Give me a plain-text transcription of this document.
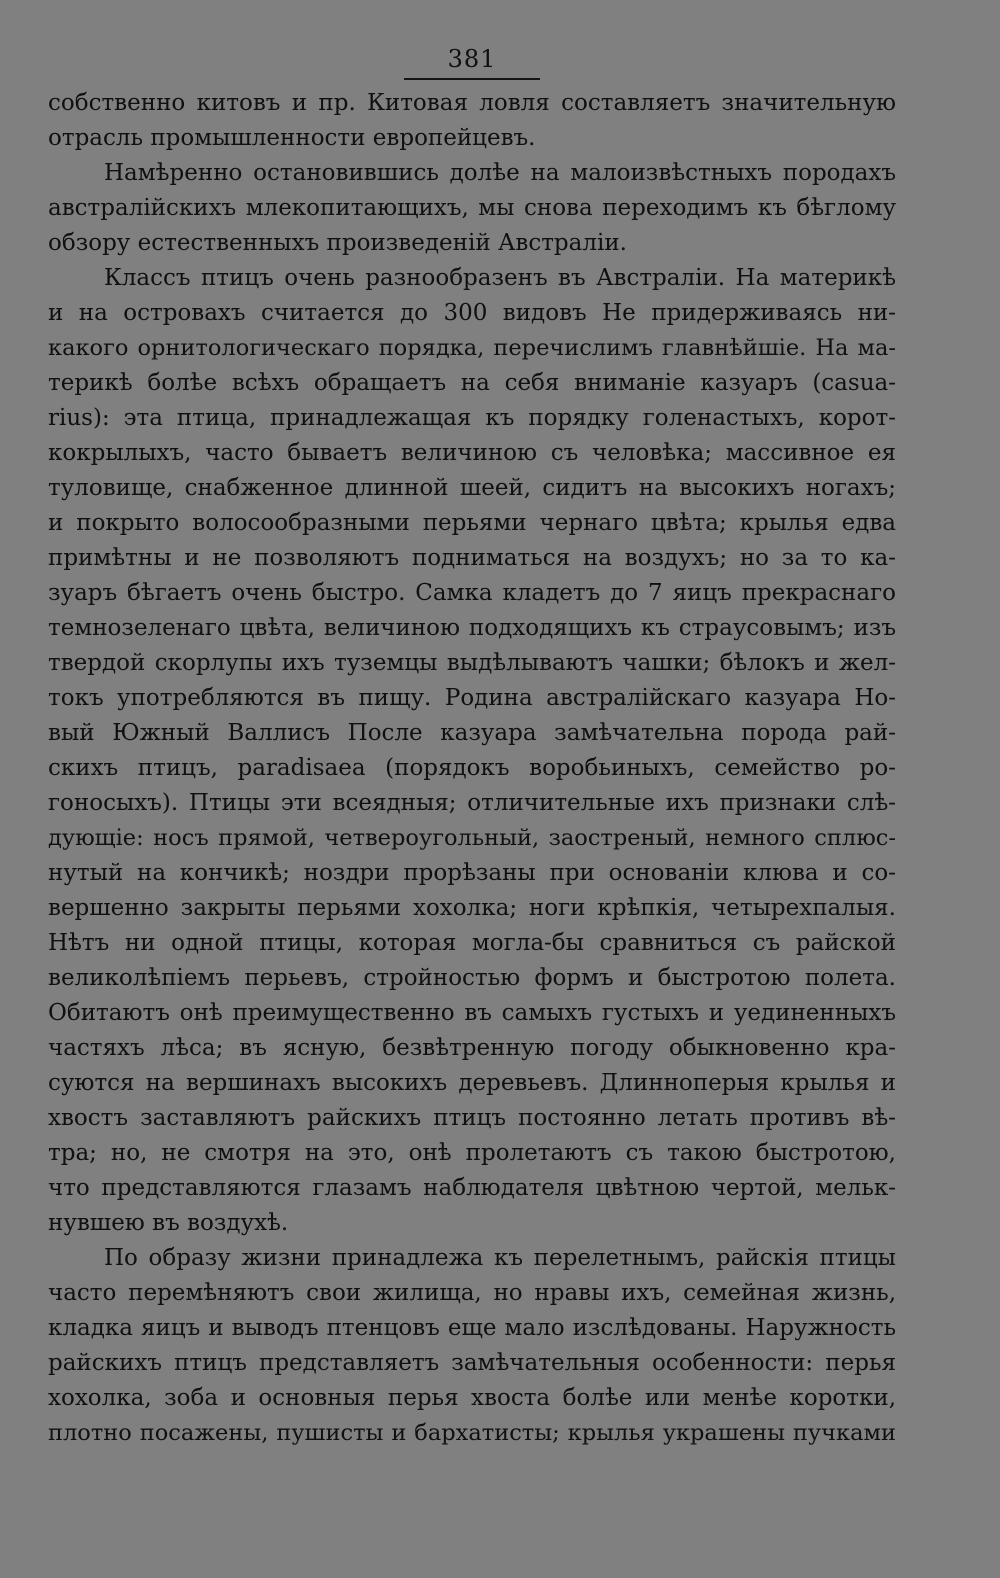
381
собственно китовъ и пр. Китовая ловля составляетъ значительную
отрасль промышленности европейцевъ.
Намѣренно остановившись долѣе на малоизвѣстныхъ породахъ
австралійскихъ млекопитающихъ, мы снова переходимъ къ бѣглому
обзору естественныхъ произведеній Австраліи.
Классъ птицъ очень разнообразенъ въ Австраліи. На материкѣ
и на островахъ считается до 300 видовъ Не придерживаясь ни-
какого орнитологическаго порядка, перечислимъ главнѣйшіе. На ма-
терикѣ болѣе всѣхъ обращаетъ на себя вниманіе казуаръ (casua-
rius): эта птица, принадлежащая къ порядку голенастыхъ, корот-
кокрылыхъ, часто бываетъ величиною съ человѣка; массивное ея
туловище, снабженное длинной шеей, сидитъ на высокихъ ногахъ;
и покрыто волосообразными перьями чернаго цвѣта; крылья едва
примѣтны и не позволяютъ подниматься на воздухъ; но за то ка-
зуаръ бѣгаетъ очень быстро. Самка кладетъ до 7 яицъ прекраснаго
темнозеленаго цвѣта, величиною подходящихъ къ страусовымъ; изъ
твердой скорлупы ихъ туземцы выдѣлываютъ чашки; бѣлокъ и жел-
токъ употребляются въ пищу. Родина австралійскаго казуара Но-
вый Южный Валлисъ После казуара замѣчательна порода рай-
скихъ птицъ, paradisaea (порядокъ воробьиныхъ, семейство ро-
гоносыхъ). Птицы эти всеядныя; отличительные ихъ признаки слѣ-
дующіе: носъ прямой, четвероугольный, заостреный, немного сплюс-
нутый на кончикѣ; ноздри прорѣзаны при основаніи клюва и со-
вершенно закрыты перьями хохолка; ноги крѣпкія, четырехпалыя.
Нѣтъ ни одной птицы, которая могла-бы сравниться съ райской
великолѣпіемъ перьевъ, стройностью формъ и быстротою полета.
Обитаютъ онѣ преимущественно въ самыхъ густыхъ и уединенныхъ
частяхъ лѣса; въ ясную, безвѣтренную погоду обыкновенно кра-
суются на вершинахъ высокихъ деревьевъ. Длинноперыя крылья и
хвостъ заставляютъ райскихъ птицъ постоянно летать противъ вѣ-
тра; но, не смотря на это, онѣ пролетаютъ съ такою быстротою,
что представляются глазамъ наблюдателя цвѣтною чертой, мельк-
нувшею въ воздухѣ.
По образу жизни принадлежа къ перелетнымъ, райскія птицы
часто перемѣняютъ свои жилища, но нравы ихъ, семейная жизнь,
кладка яицъ и выводъ птенцовъ еще мало изслѣдованы. Наружность
райскихъ птицъ представляетъ замѣчательныя особенности: перья
хохолка, зоба и основныя перья хвоста болѣе или менѣе коротки,
плотно посажены, пушисты и бархатисты; крылья украшены пучками
